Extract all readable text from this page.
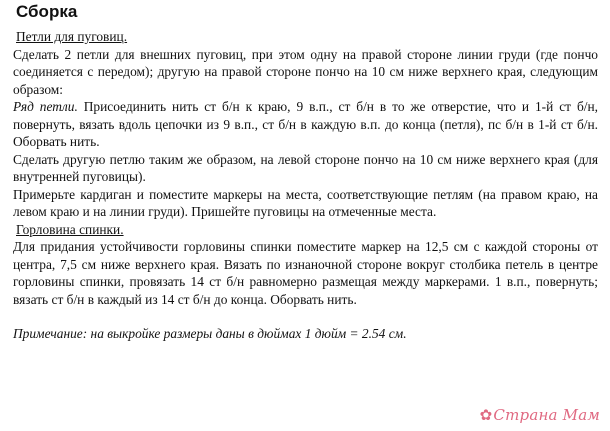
Сборка
Петли для пуговиц.
Сделать 2 петли для внешних пуговиц, при этом одну на правой стороне линии груди (где пончо соединяется с передом); другую на правой стороне пончо на 10 см ниже верхнего края, следующим образом:
Ряд петли. Присоединить нить ст б/н к краю, 9 в.п., ст б/н в то же отверстие, что и 1-й ст б/н, повернуть, вязать вдоль цепочки из 9 в.п., ст б/н в каждую в.п. до конца (петля), пс б/н в 1-й ст б/н. Оборвать нить.
Сделать другую петлю таким же образом, на левой стороне пончо на 10 см ниже верхнего края (для внутренней пуговицы).
Примерьте кардиган и поместите маркеры на места, соответствующие петлям (на правом краю, на левом краю и на линии груди). Пришейте пуговицы на отмеченные места.
Горловина спинки.
Для придания устойчивости горловины спинки поместите маркер на 12,5 см с каждой стороны от центра, 7,5 см ниже верхнего края. Вязать по изнаночной стороне вокруг столбика петель в центре горловины спинки, провязать 14 ст б/н равномерно размещая между маркерами. 1 в.п., повернуть; вязать ст б/н в каждый из 14 ст б/н до конца. Оборвать нить.
Примечание: на выкройке размеры даны в дюймах 1 дюйм = 2.54 см.
✿Страна Мам
